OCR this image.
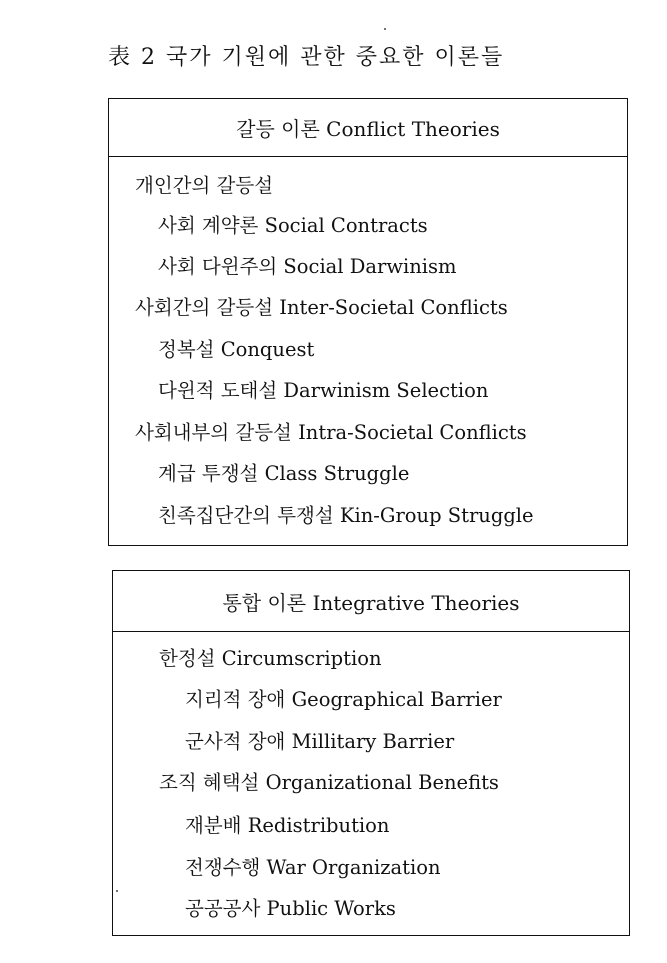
表 2 국가 기원에 관한 중요한 이론들
갈등 이론 Conflict Theories
개인간의 갈등설
사회 계약론 Social Contracts
사회 다윈주의 Social Darwinism
사회간의 갈등설 Inter-Societal Conflicts
정복설 Conquest
다윈적 도태설 Darwinism Selection
사회내부의 갈등설 Intra-Societal Conflicts
계급 투쟁설 Class Struggle
친족집단간의 투쟁설 Kin-Group Struggle
통합 이론 Integrative Theories
한정설 Circumscription
지리적 장애 Geographical Barrier
군사적 장애 Millitary Barrier
조직 혜택설 Organizational Benefits
재분배 Redistribution
전쟁수행 War Organization
공공공사 Public Works
